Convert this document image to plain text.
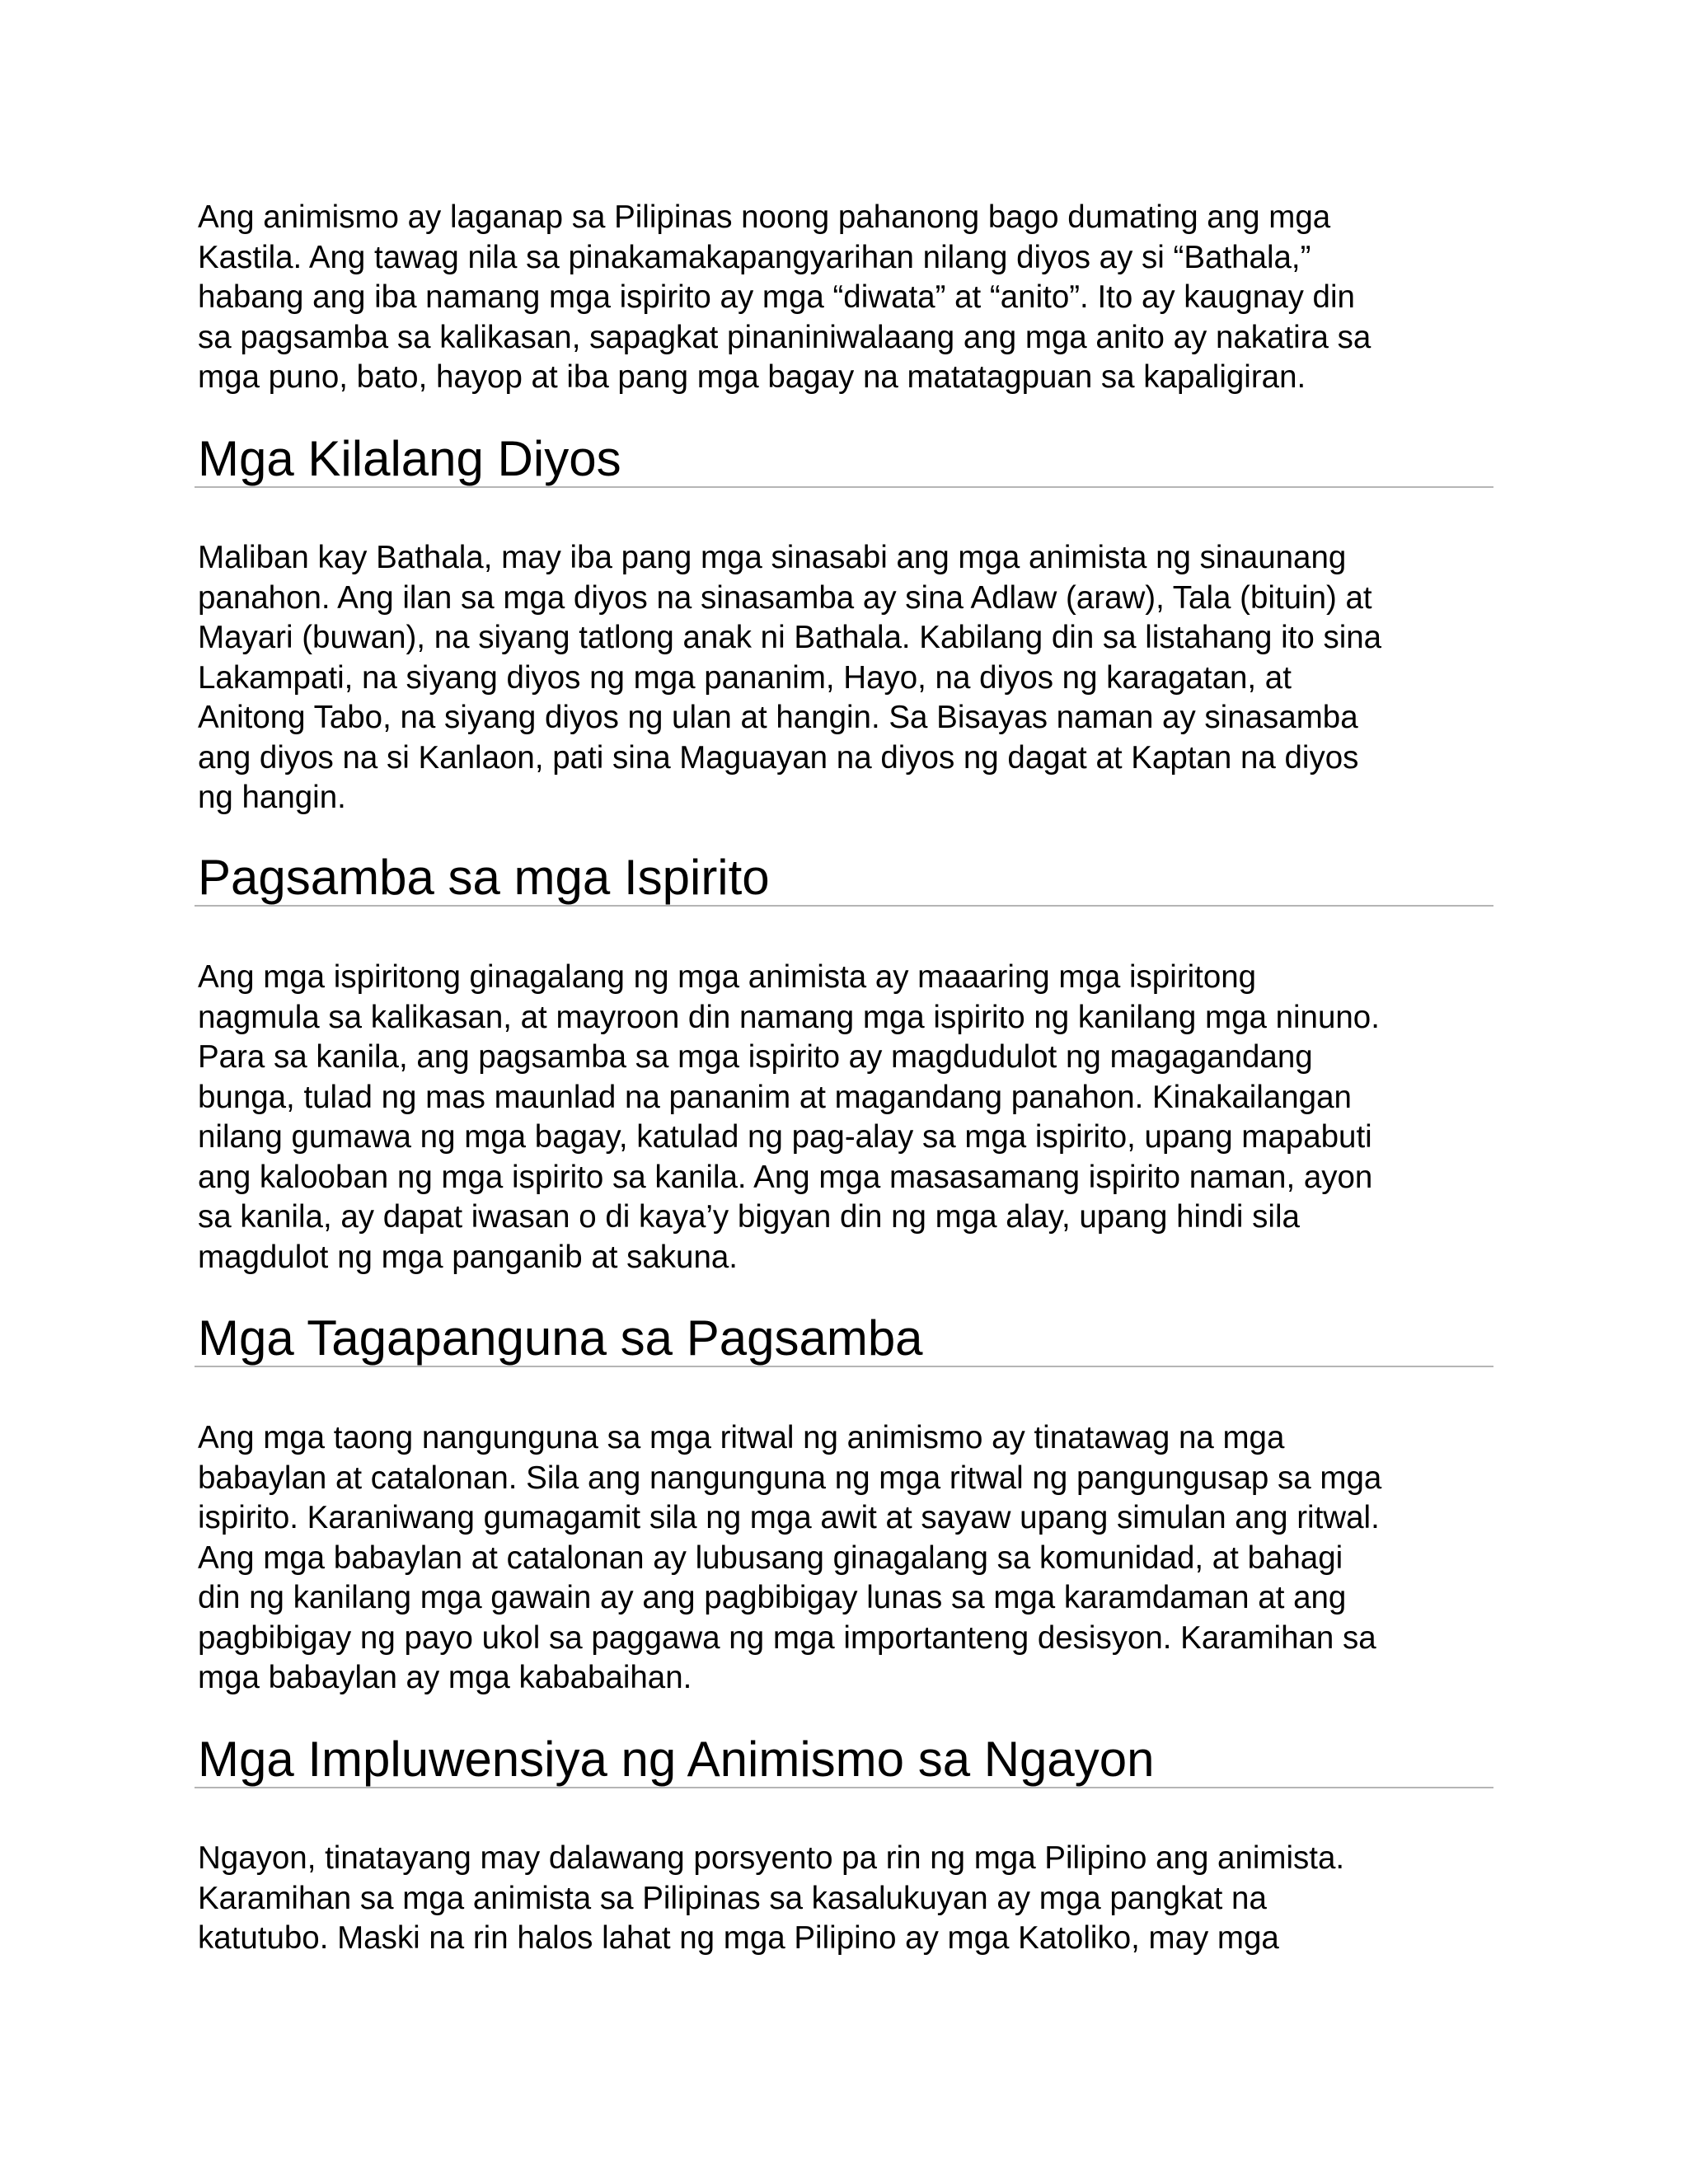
Ang animismo ay laganap sa Pilipinas noong pahanong bago dumating ang mga
Kastila. Ang tawag nila sa pinakamakapangyarihan nilang diyos ay si “Bathala,”
habang ang iba namang mga ispirito ay mga “diwata” at “anito”. Ito ay kaugnay din
sa pagsamba sa kalikasan, sapagkat pinaniniwalaang ang mga anito ay nakatira sa
mga puno, bato, hayop at iba pang mga bagay na matatagpuan sa kapaligiran.

Mga Kilalang Diyos

Maliban kay Bathala, may iba pang mga sinasabi ang mga animista ng sinaunang
panahon. Ang ilan sa mga diyos na sinasamba ay sina Adlaw (araw), Tala (bituin) at
Mayari (buwan), na siyang tatlong anak ni Bathala. Kabilang din sa listahang ito sina
Lakampati, na siyang diyos ng mga pananim, Hayo, na diyos ng karagatan, at
Anitong Tabo, na siyang diyos ng ulan at hangin. Sa Bisayas naman ay sinasamba
ang diyos na si Kanlaon, pati sina Maguayan na diyos ng dagat at Kaptan na diyos
ng hangin.

Pagsamba sa mga Ispirito

Ang mga ispiritong ginagalang ng mga animista ay maaaring mga ispiritong
nagmula sa kalikasan, at mayroon din namang mga ispirito ng kanilang mga ninuno.
Para sa kanila, ang pagsamba sa mga ispirito ay magdudulot ng magagandang
bunga, tulad ng mas maunlad na pananim at magandang panahon. Kinakailangan
nilang gumawa ng mga bagay, katulad ng pag-alay sa mga ispirito, upang mapabuti
ang kalooban ng mga ispirito sa kanila. Ang mga masasamang ispirito naman, ayon
sa kanila, ay dapat iwasan o di kaya’y bigyan din ng mga alay, upang hindi sila
magdulot ng mga panganib at sakuna.

Mga Tagapanguna sa Pagsamba

Ang mga taong nangunguna sa mga ritwal ng animismo ay tinatawag na mga
babaylan at catalonan. Sila ang nangunguna ng mga ritwal ng pangungusap sa mga
ispirito. Karaniwang gumagamit sila ng mga awit at sayaw upang simulan ang ritwal.
Ang mga babaylan at catalonan ay lubusang ginagalang sa komunidad, at bahagi
din ng kanilang mga gawain ay ang pagbibigay lunas sa mga karamdaman at ang
pagbibigay ng payo ukol sa paggawa ng mga importanteng desisyon. Karamihan sa
mga babaylan ay mga kababaihan.

Mga Impluwensiya ng Animismo sa Ngayon

Ngayon, tinatayang may dalawang porsyento pa rin ng mga Pilipino ang animista.
Karamihan sa mga animista sa Pilipinas sa kasalukuyan ay mga pangkat na
katutubo. Maski na rin halos lahat ng mga Pilipino ay mga Katoliko, may mga
